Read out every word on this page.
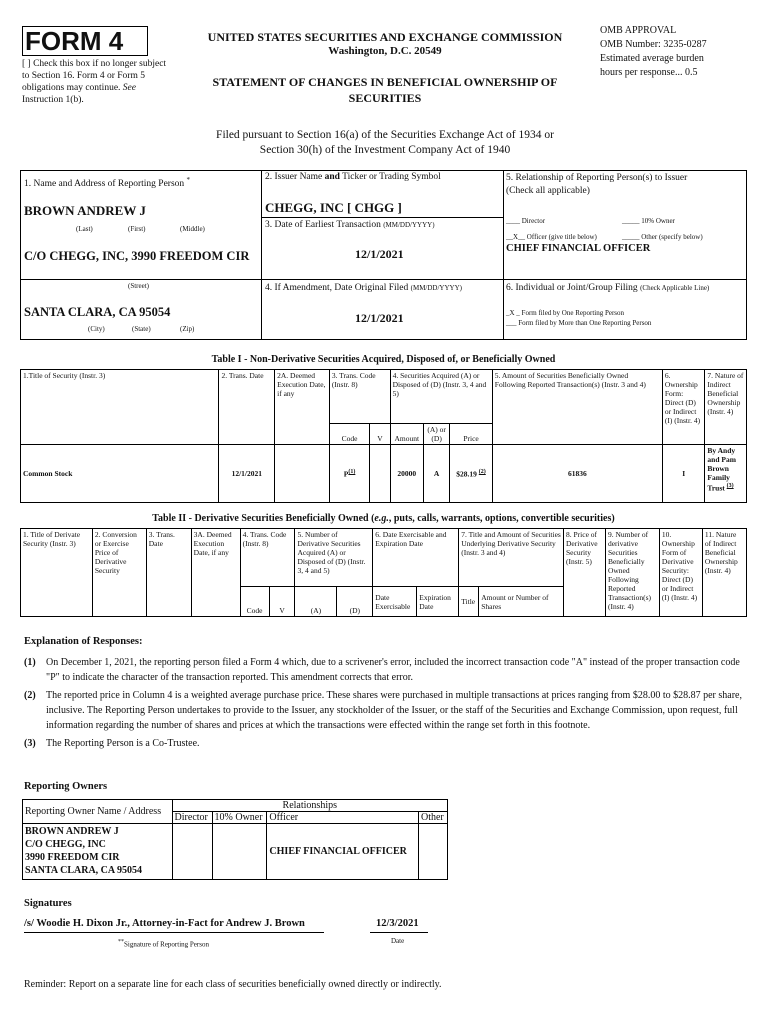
FORM 4
[ ] Check this box if no longer subject to Section 16. Form 4 or Form 5 obligations may continue. See Instruction 1(b).
UNITED STATES SECURITIES AND EXCHANGE COMMISSION
Washington, D.C. 20549
STATEMENT OF CHANGES IN BENEFICIAL OWNERSHIP OF SECURITIES
OMB APPROVAL
OMB Number: 3235-0287
Estimated average burden
hours per response... 0.5
Filed pursuant to Section 16(a) of the Securities Exchange Act of 1934 or
Section 30(h) of the Investment Company Act of 1940
1. Name and Address of Reporting Person *
BROWN ANDREW J
(Last)	(First)	(Middle)
C/O CHEGG, INC, 3990 FREEDOM CIR
(Street)
SANTA CLARA, CA 95054
(City)	(State)	(Zip)
2. Issuer Name and Ticker or Trading Symbol
CHEGG, INC [ CHGG ]
3. Date of Earliest Transaction (MM/DD/YYYY)
12/1/2021
4. If Amendment, Date Original Filed (MM/DD/YYYY)
12/1/2021
5. Relationship of Reporting Person(s) to Issuer
(Check all applicable)
____ Director	_____ 10% Owner
__X__ Officer (give title below)	_____ Other (specify below)
CHIEF FINANCIAL OFFICER
6. Individual or Joint/Group Filing (Check Applicable Line)
_X _ Form filed by One Reporting Person
___ Form filed by More than One Reporting Person
Table I - Non-Derivative Securities Acquired, Disposed of, or Beneficially Owned
1.Title of Security (Instr. 3)	2. Trans. Date	2A. Deemed Execution Date, if any	3. Trans. Code (Instr. 8)		4. Securities Acquired (A) or Disposed of (D) (Instr. 3, 4 and 5)			5. Amount of Securities Beneficially Owned Following Reported Transaction(s) (Instr. 3 and 4)	6. Ownership Form: Direct (D) or Indirect (I) (Instr. 4)	7. Nature of Indirect Beneficial Ownership (Instr. 4)
			Code	V	Amount	(A) or (D)	Price			
Common Stock	12/1/2021		$P^{(1)}$		20000	A	$28.19 $^{(2)}$	61836	I	By Andy and Pam Brown Family Trust $^{(3)}$
Table II - Derivative Securities Beneficially Owned (e.g., puts, calls, warrants, options, convertible securities)
1. Title of Derivate Security (Instr. 3)	2. Conversion or Exercise Price of Derivative Security	3. Trans. Date	3A. Deemed Execution Date, if any	4. Trans. Code (Instr. 8)		5. Number of Derivative Securities Acquired (A) or Disposed of (D) (Instr. 3, 4 and 5)		6. Date Exercisable and Expiration Date		7. Title and Amount of Securities Underlying Derivative Security (Instr. 3 and 4)		8. Price of Derivative Security (Instr. 5)	9. Number of derivative Securities Beneficially Owned Following Reported Transaction(s) (Instr. 4)	10. Ownership Form of Derivative Security: Direct (D) or Indirect (I) (Instr. 4)	11. Nature of Indirect Beneficial Ownership (Instr. 4)
				Code	V	(A)	(D)	Date Exercisable	Expiration Date	Title	Amount or Number of Shares				
Explanation of Responses:
(1)	On December 1, 2021, the reporting person filed a Form 4 which, due to a scrivener's error, included the incorrect transaction code "A" instead of the proper transaction code "P" to indicate the character of the transaction reported. This amendment corrects that error.
(2)	The reported price in Column 4 is a weighted average purchase price. These shares were purchased in multiple transactions at prices ranging from $28.00 to $28.87 per share, inclusive. The Reporting Person undertakes to provide to the Issuer, any stockholder of the Issuer, or the staff of the Securities and Exchange Commission, upon request, full information regarding the number of shares and prices at which the transactions were effected within the range set forth in this footnote.
(3)	The Reporting Person is a Co-Trustee.
Reporting Owners
Reporting Owner Name / Address	Relationships			
	Director	10% Owner	Officer	Other

BROWN ANDREW J
C/O CHEGG, INC
3990 FREEDOM CIR
SANTA CLARA, CA 95054			CHIEF FINANCIAL OFFICER	
Signatures
/s/ Woodie H. Dixon Jr., Attorney-in-Fact for Andrew J. Brown	12/3/2021
**Signature of Reporting Person	Date
Reminder: Report on a separate line for each class of securities beneficially owned directly or indirectly.
